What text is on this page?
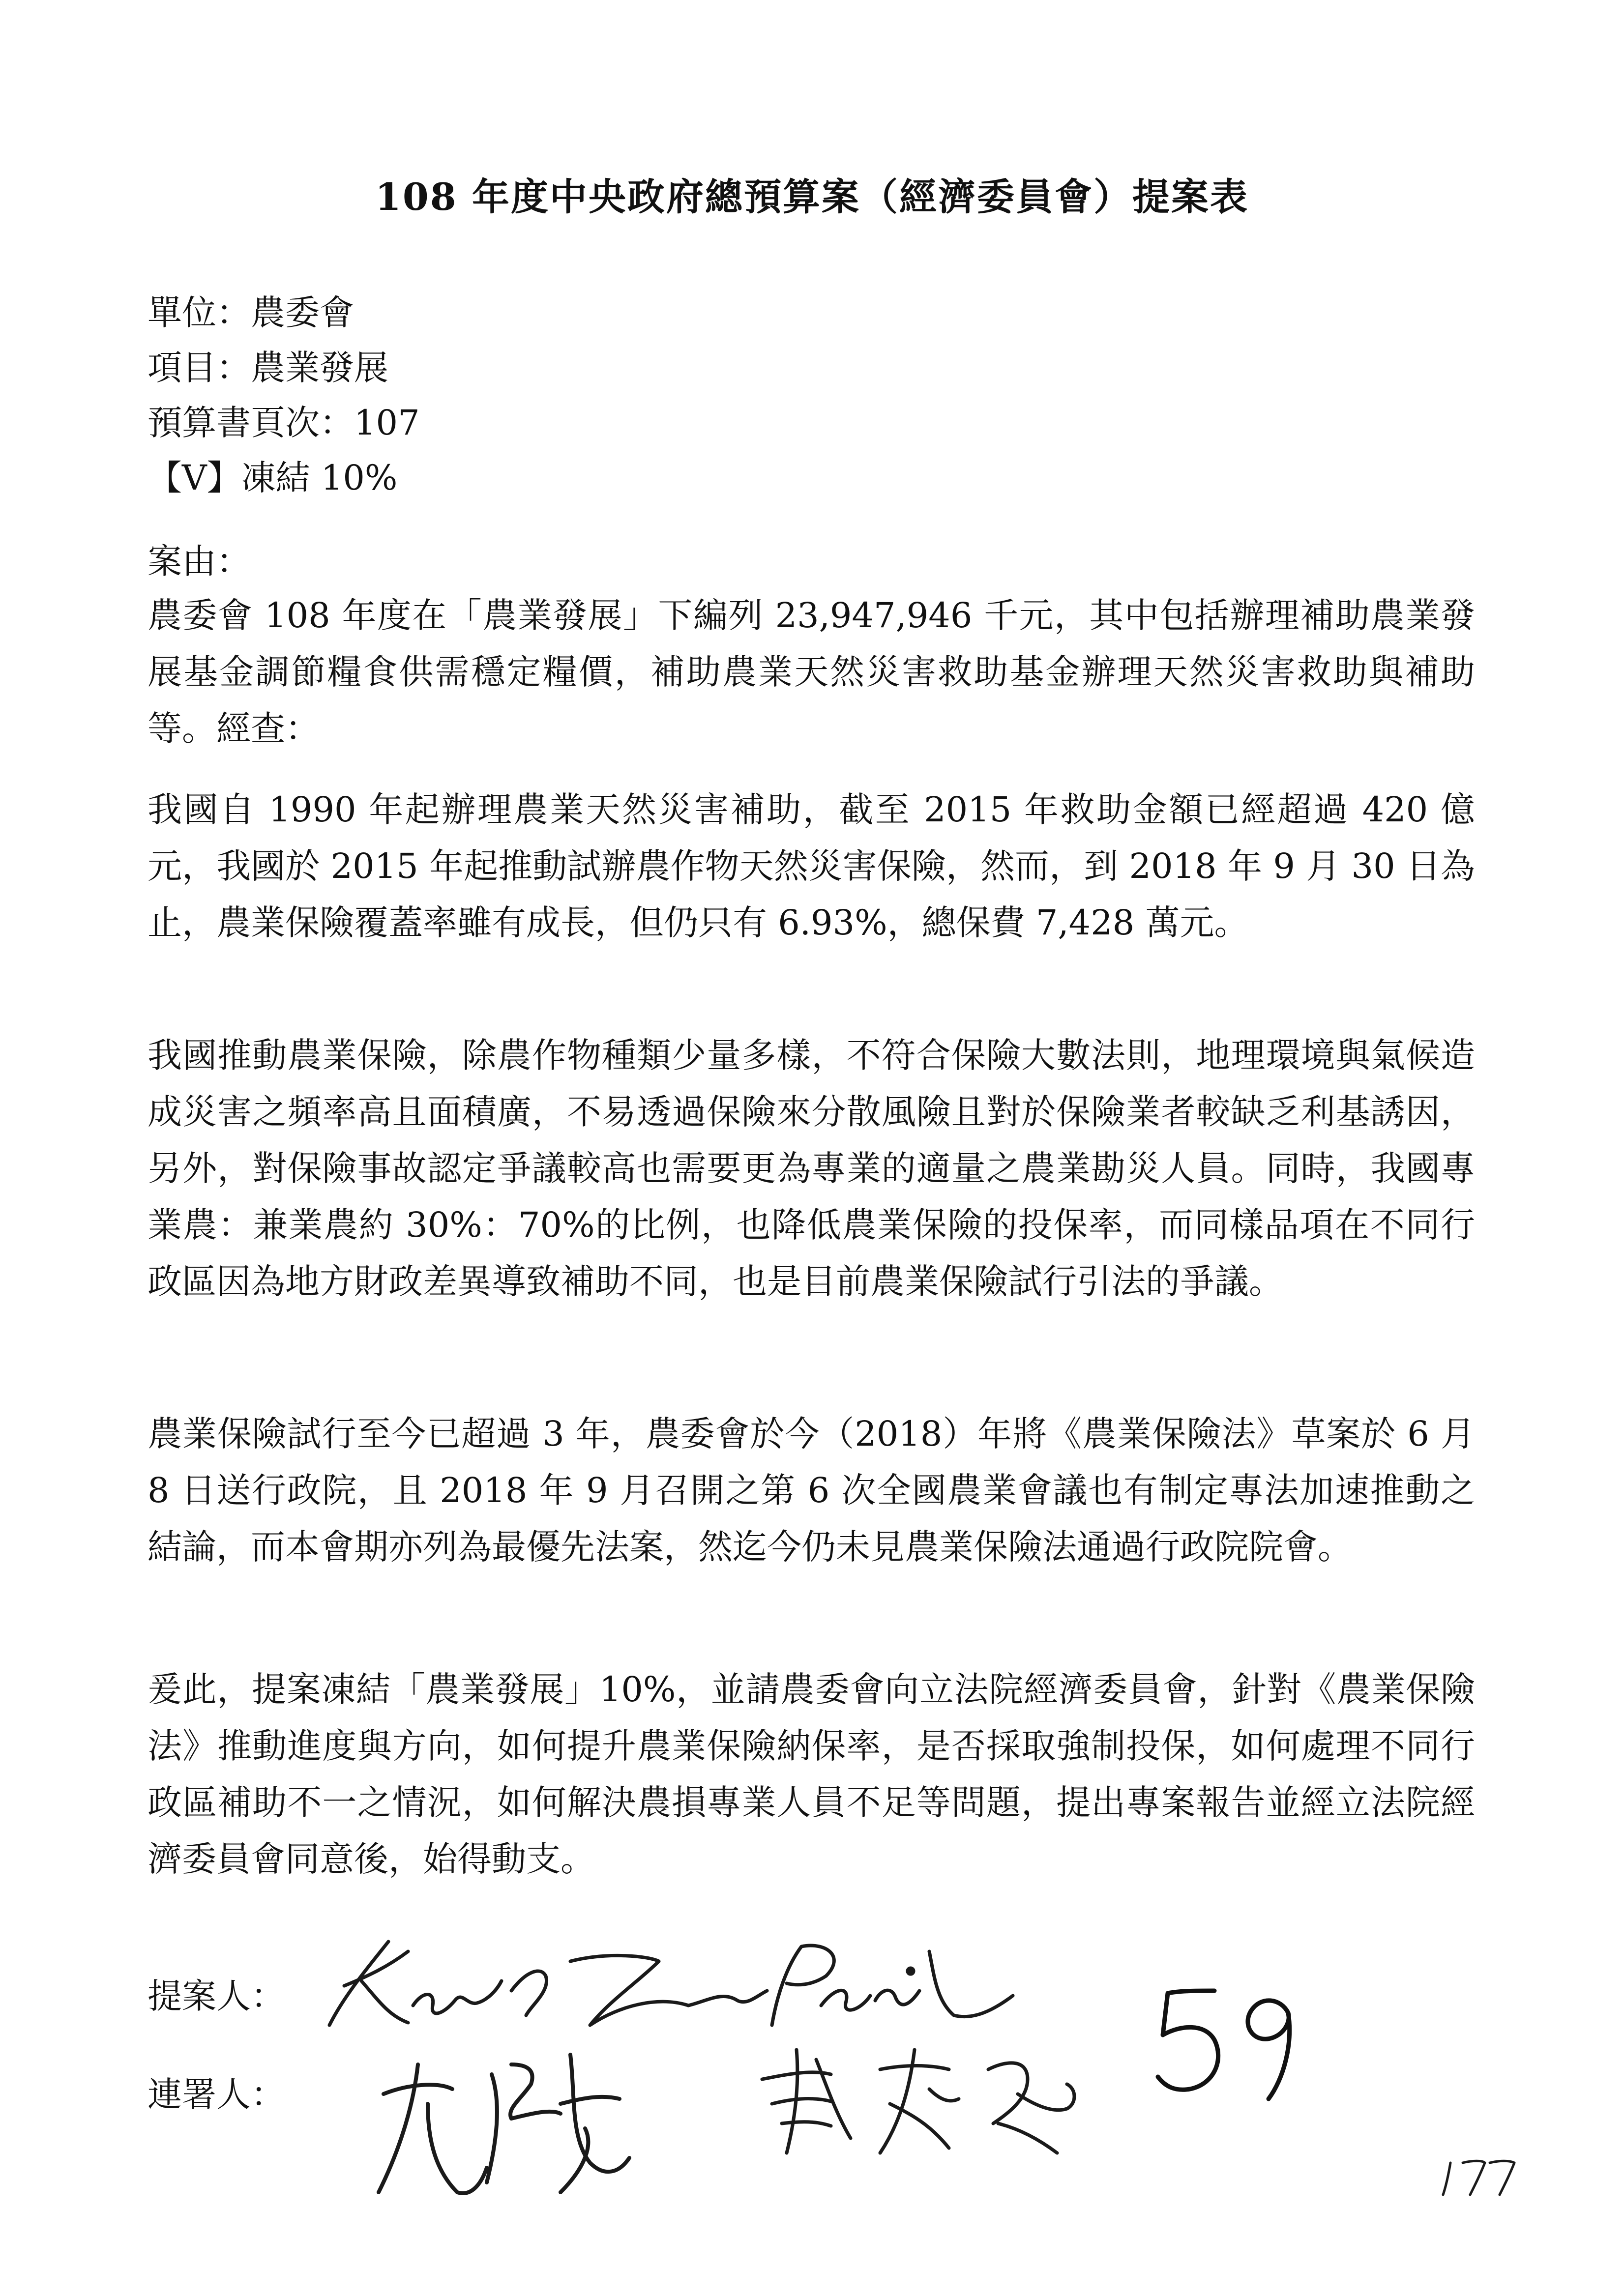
108 年度中央政府總預算案（經濟委員會）提案表
單位：農委會
項目：農業發展
預算書頁次：107
【V】凍結 10%
案由：

農委會 108 年度在「農業發展」下編列 23,947,946 千元，其中包括辦理補助農業發展基金調節糧食供需穩定糧價，補助農業天然災害救助基金辦理天然災害救助與補助等。經查：

我國自 1990 年起辦理農業天然災害補助，截至 2015 年救助金額已經超過 420 億元，我國於 2015 年起推動試辦農作物天然災害保險，然而，到 2018 年 9 月 30 日為止，農業保險覆蓋率雖有成長，但仍只有 6.93%，總保費 7,428 萬元。

我國推動農業保險，除農作物種類少量多樣，不符合保險大數法則，地理環境與氣候造成災害之頻率高且面積廣，不易透過保險來分散風險且對於保險業者較缺乏利基誘因，另外，對保險事故認定爭議較高也需要更為專業的適量之農業勘災人員。同時，我國專業農：兼業農約 30%：70%的比例，也降低農業保險的投保率，而同樣品項在不同行政區因為地方財政差異導致補助不同，也是目前農業保險試行引法的爭議。

農業保險試行至今已超過 3 年，農委會於今（2018）年將《農業保險法》草案於 6 月 8 日送行政院，且 2018 年 9 月召開之第 6 次全國農業會議也有制定專法加速推動之結論，而本會期亦列為最優先法案，然迄今仍未見農業保險法通過行政院院會。

爰此，提案凍結「農業發展」10%，並請農委會向立法院經濟委員會，針對《農業保險法》推動進度與方向，如何提升農業保險納保率，是否採取強制投保，如何處理不同行政區補助不一之情況，如何解決農損專業人員不足等問題，提出專案報告並經立法院經濟委員會同意後，始得動支。

提案人：
連署人：
